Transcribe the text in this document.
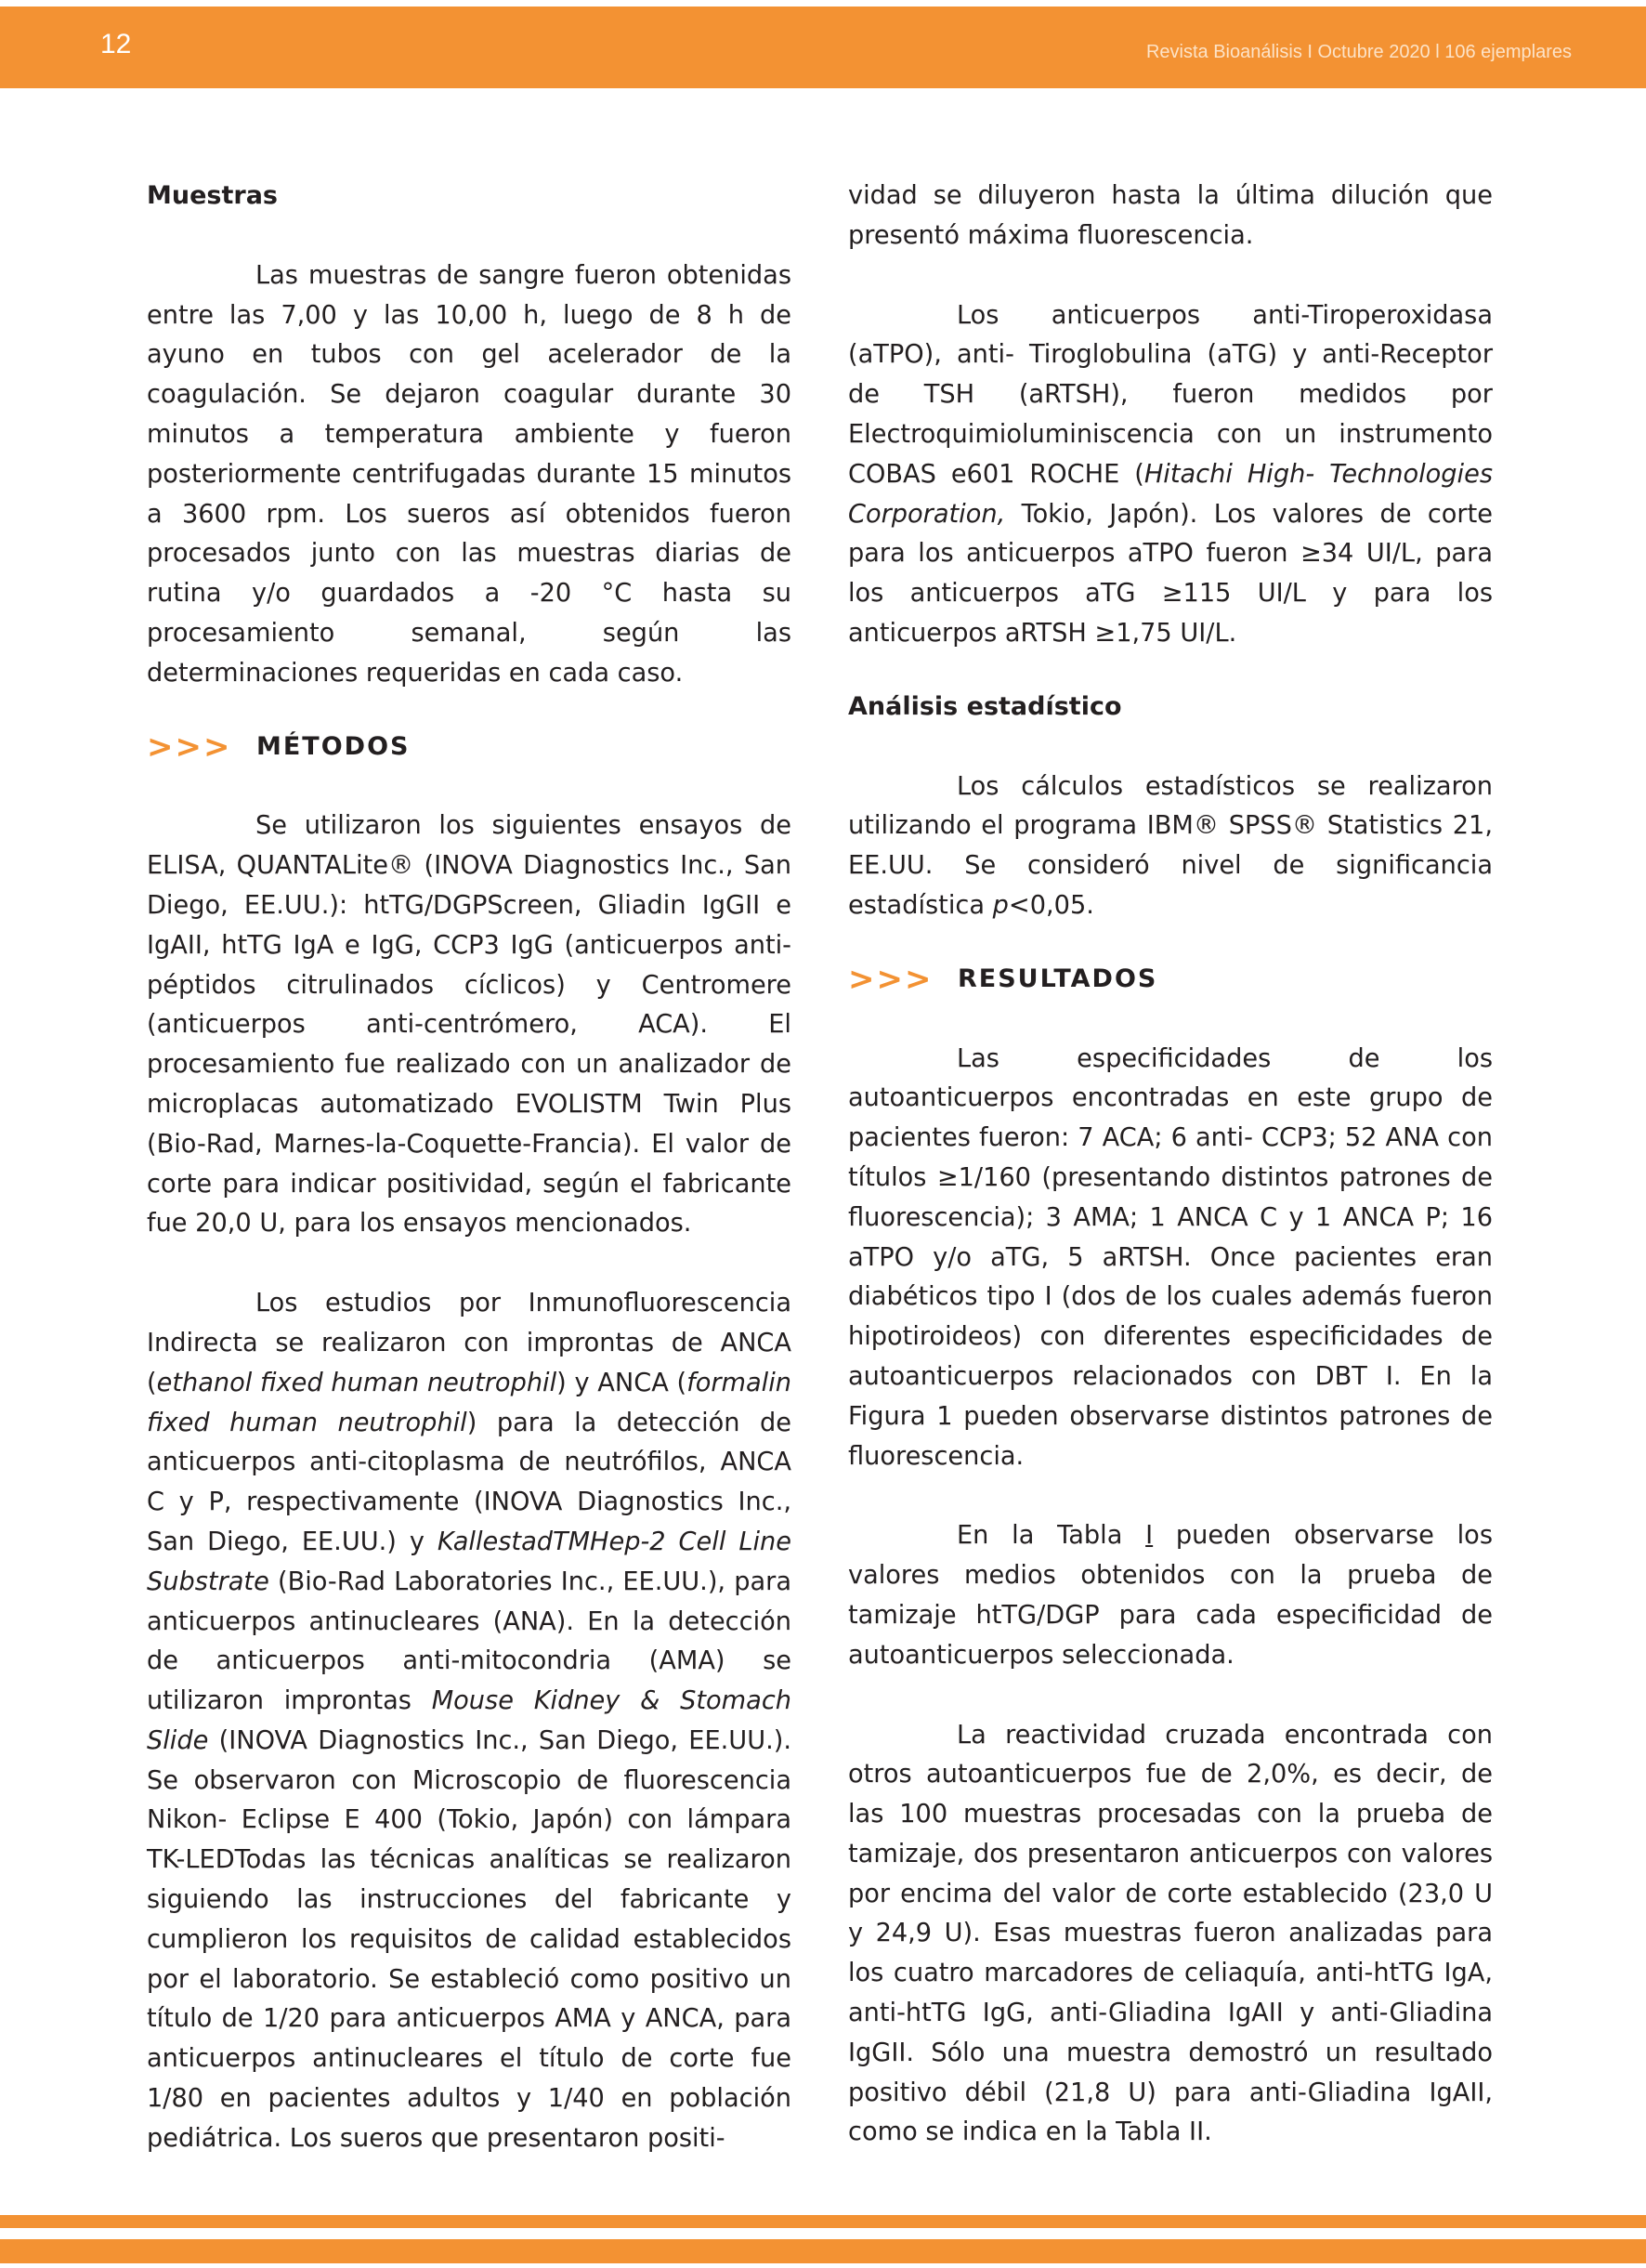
12	Revista Bioanálisis I Octubre 2020 l 106 ejemplares
Muestras

Las muestras de sangre fueron obtenidas entre las 7,00 y las 10,00 h, luego de 8 h de ayuno en tubos con gel acelerador de la coagulación. Se dejaron coagular durante 30 minutos a temperatura ambiente y fueron posteriormente centrifugadas durante 15 minutos a 3600 rpm. Los sueros así obtenidos fueron procesados junto con las muestras diarias de rutina y/o guardados a -20 °C hasta su procesamiento semanal, según las determinaciones requeridas en cada caso.

>>> MÉTODOS

Se utilizaron los siguientes ensayos de ELISA, QUANTALite® (INOVA Diagnostics Inc., San Diego, EE.UU.): htTG/DGPScreen, Gliadin IgGII e IgAII, htTG IgA e IgG, CCP3 IgG (anticuerpos anti-péptidos citrulinados cíclicos) y Centromere (anticuerpos anti-centrómero, ACA). El procesamiento fue realizado con un analizador de microplacas automatizado EVOLISTM Twin Plus (Bio-Rad, Marnes-la-Coquette-Francia). El valor de corte para indicar positividad, según el fabricante fue 20,0 U, para los ensayos mencionados.

Los estudios por Inmunofluorescencia Indirecta se realizaron con improntas de ANCA (ethanol fixed human neutrophil) y ANCA (formalin fixed human neutrophil) para la detección de anticuerpos anti-citoplasma de neutrófilos, ANCA C y P, respectivamente (INOVA Diagnostics Inc., San Diego, EE.UU.) y KallestadTMHep-2 Cell Line Substrate (Bio-Rad Laboratories Inc., EE.UU.), para anticuerpos antinucleares (ANA). En la detección de anticuerpos anti-mitocondria (AMA) se utilizaron improntas Mouse Kidney & Stomach Slide (INOVA Diagnostics Inc., San Diego, EE.UU.). Se observaron con Microscopio de fluorescencia Nikon- Eclipse E 400 (Tokio, Japón) con lámpara TK-LEDTodas las técnicas analíticas se realizaron siguiendo las instrucciones del fabricante y cumplieron los requisitos de calidad establecidos por el laboratorio. Se estableció como positivo un título de 1/20 para anticuerpos AMA y ANCA, para anticuerpos antinucleares el título de corte fue 1/80 en pacientes adultos y 1/40 en población pediátrica. Los sueros que presentaron positi-

vidad se diluyeron hasta la última dilución que presentó máxima fluorescencia.

Los anticuerpos anti-Tiroperoxidasa (aTPO), anti- Tiroglobulina (aTG) y anti-Receptor de TSH (aRTSH), fueron medidos por Electroquimioluminiscencia con un instrumento COBAS e601 ROCHE (Hitachi High- Technologies Corporation, Tokio, Japón). Los valores de corte para los anticuerpos aTPO fueron ≥34 UI/L, para los anticuerpos aTG ≥115 UI/L y para los anticuerpos aRTSH ≥1,75 UI/L.

Análisis estadístico

Los cálculos estadísticos se realizaron utilizando el programa IBM® SPSS® Statistics 21, EE.UU. Se consideró nivel de significancia estadística p<0,05.

>>> RESULTADOS

Las especificidades de los autoanticuerpos encontradas en este grupo de pacientes fueron: 7 ACA; 6 anti- CCP3; 52 ANA con títulos ≥1/160 (presentando distintos patrones de fluorescencia); 3 AMA; 1 ANCA C y 1 ANCA P; 16 aTPO y/o aTG, 5 aRTSH. Once pacientes eran diabéticos tipo I (dos de los cuales además fueron hipotiroideos) con diferentes especificidades de autoanticuerpos relacionados con DBT I. En la Figura 1 pueden observarse distintos patrones de fluorescencia.

En la Tabla I pueden observarse los valores medios obtenidos con la prueba de tamizaje htTG/DGP para cada especificidad de autoanticuerpos seleccionada.

La reactividad cruzada encontrada con otros autoanticuerpos fue de 2,0%, es decir, de las 100 muestras procesadas con la prueba de tamizaje, dos presentaron anticuerpos con valores por encima del valor de corte establecido (23,0 U y 24,9 U). Esas muestras fueron analizadas para los cuatro marcadores de celiaquía, anti-htTG IgA, anti-htTG IgG, anti-Gliadina IgAII y anti-Gliadina IgGII. Sólo una muestra demostró un resultado positivo débil (21,8 U) para anti-Gliadina IgAII, como se indica en la Tabla II.
